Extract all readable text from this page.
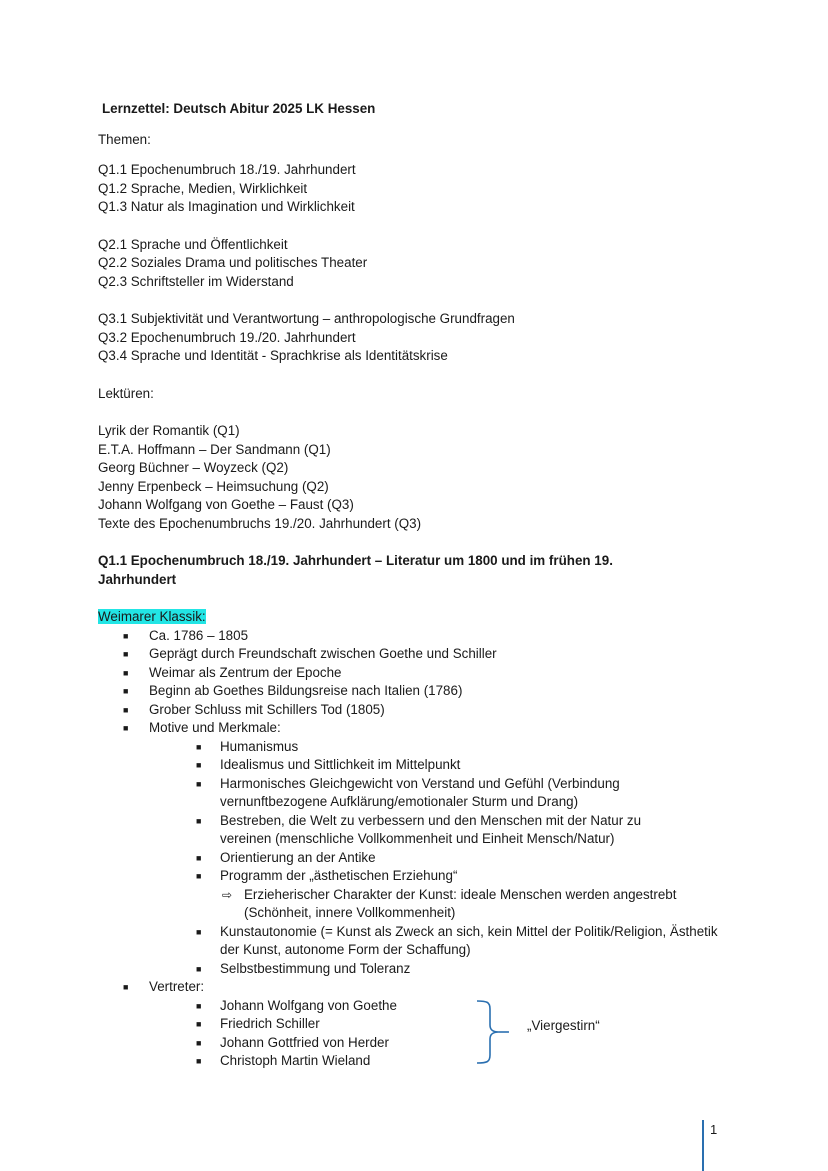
Lernzettel: Deutsch Abitur 2025 LK Hessen

Themen:

Q1.1 Epochenumbruch 18./19. Jahrhundert

Q1.2 Sprache, Medien, Wirklichkeit

Q1.3 Natur als Imagination und Wirklichkeit

Q2.1 Sprache und Öffentlichkeit

Q2.2 Soziales Drama und politisches Theater

Q2.3 Schriftsteller im Widerstand

Q3.1 Subjektivität und Verantwortung – anthropologische Grundfragen

Q3.2 Epochenumbruch 19./20. Jahrhundert

Q3.4 Sprache und Identität - Sprachkrise als Identitätskrise

Lektüren:

Lyrik der Romantik (Q1)

E.T.A. Hoffmann – Der Sandmann (Q1)

Georg Büchner – Woyzeck (Q2)

Jenny Erpenbeck – Heimsuchung (Q2)

Johann Wolfgang von Goethe – Faust (Q3)

Texte des Epochenumbruchs 19./20. Jahrhundert (Q3)

Q1.1 Epochenumbruch 18./19. Jahrhundert – Literatur um 1800 und im frühen 19. Jahrhundert

Weimarer Klassik:

■ Ca. 1786 – 1805
■ Geprägt durch Freundschaft zwischen Goethe und Schiller
■ Weimar als Zentrum der Epoche
■ Beginn ab Goethes Bildungsreise nach Italien (1786)
■ Grober Schluss mit Schillers Tod (1805)
■ Motive und Merkmale:
■ Humanismus
■ Idealismus und Sittlichkeit im Mittelpunkt
■ Harmonisches Gleichgewicht von Verstand und Gefühl (Verbindung vernunftbezogene Aufklärung/emotionaler Sturm und Drang)
■ Bestreben, die Welt zu verbessern und den Menschen mit der Natur zu vereinen (menschliche Vollkommenheit und Einheit Mensch/Natur)
■ Orientierung an der Antike
■ Programm der „ästhetischen Erziehung“
⇨ Erzieherischer Charakter der Kunst: ideale Menschen werden angestrebt (Schönheit, innere Vollkommenheit)
■ Kunstautonomie (= Kunst als Zweck an sich, kein Mittel der Politik/Religion, Ästhetik der Kunst, autonome Form der Schaffung)
■ Selbstbestimmung und Toleranz
■ Vertreter:
■ Johann Wolfgang von Goethe
■ Friedrich Schiller
■ Johann Gottfried von Herder
■ Christoph Martin Wieland
„Viergestirn“
1
